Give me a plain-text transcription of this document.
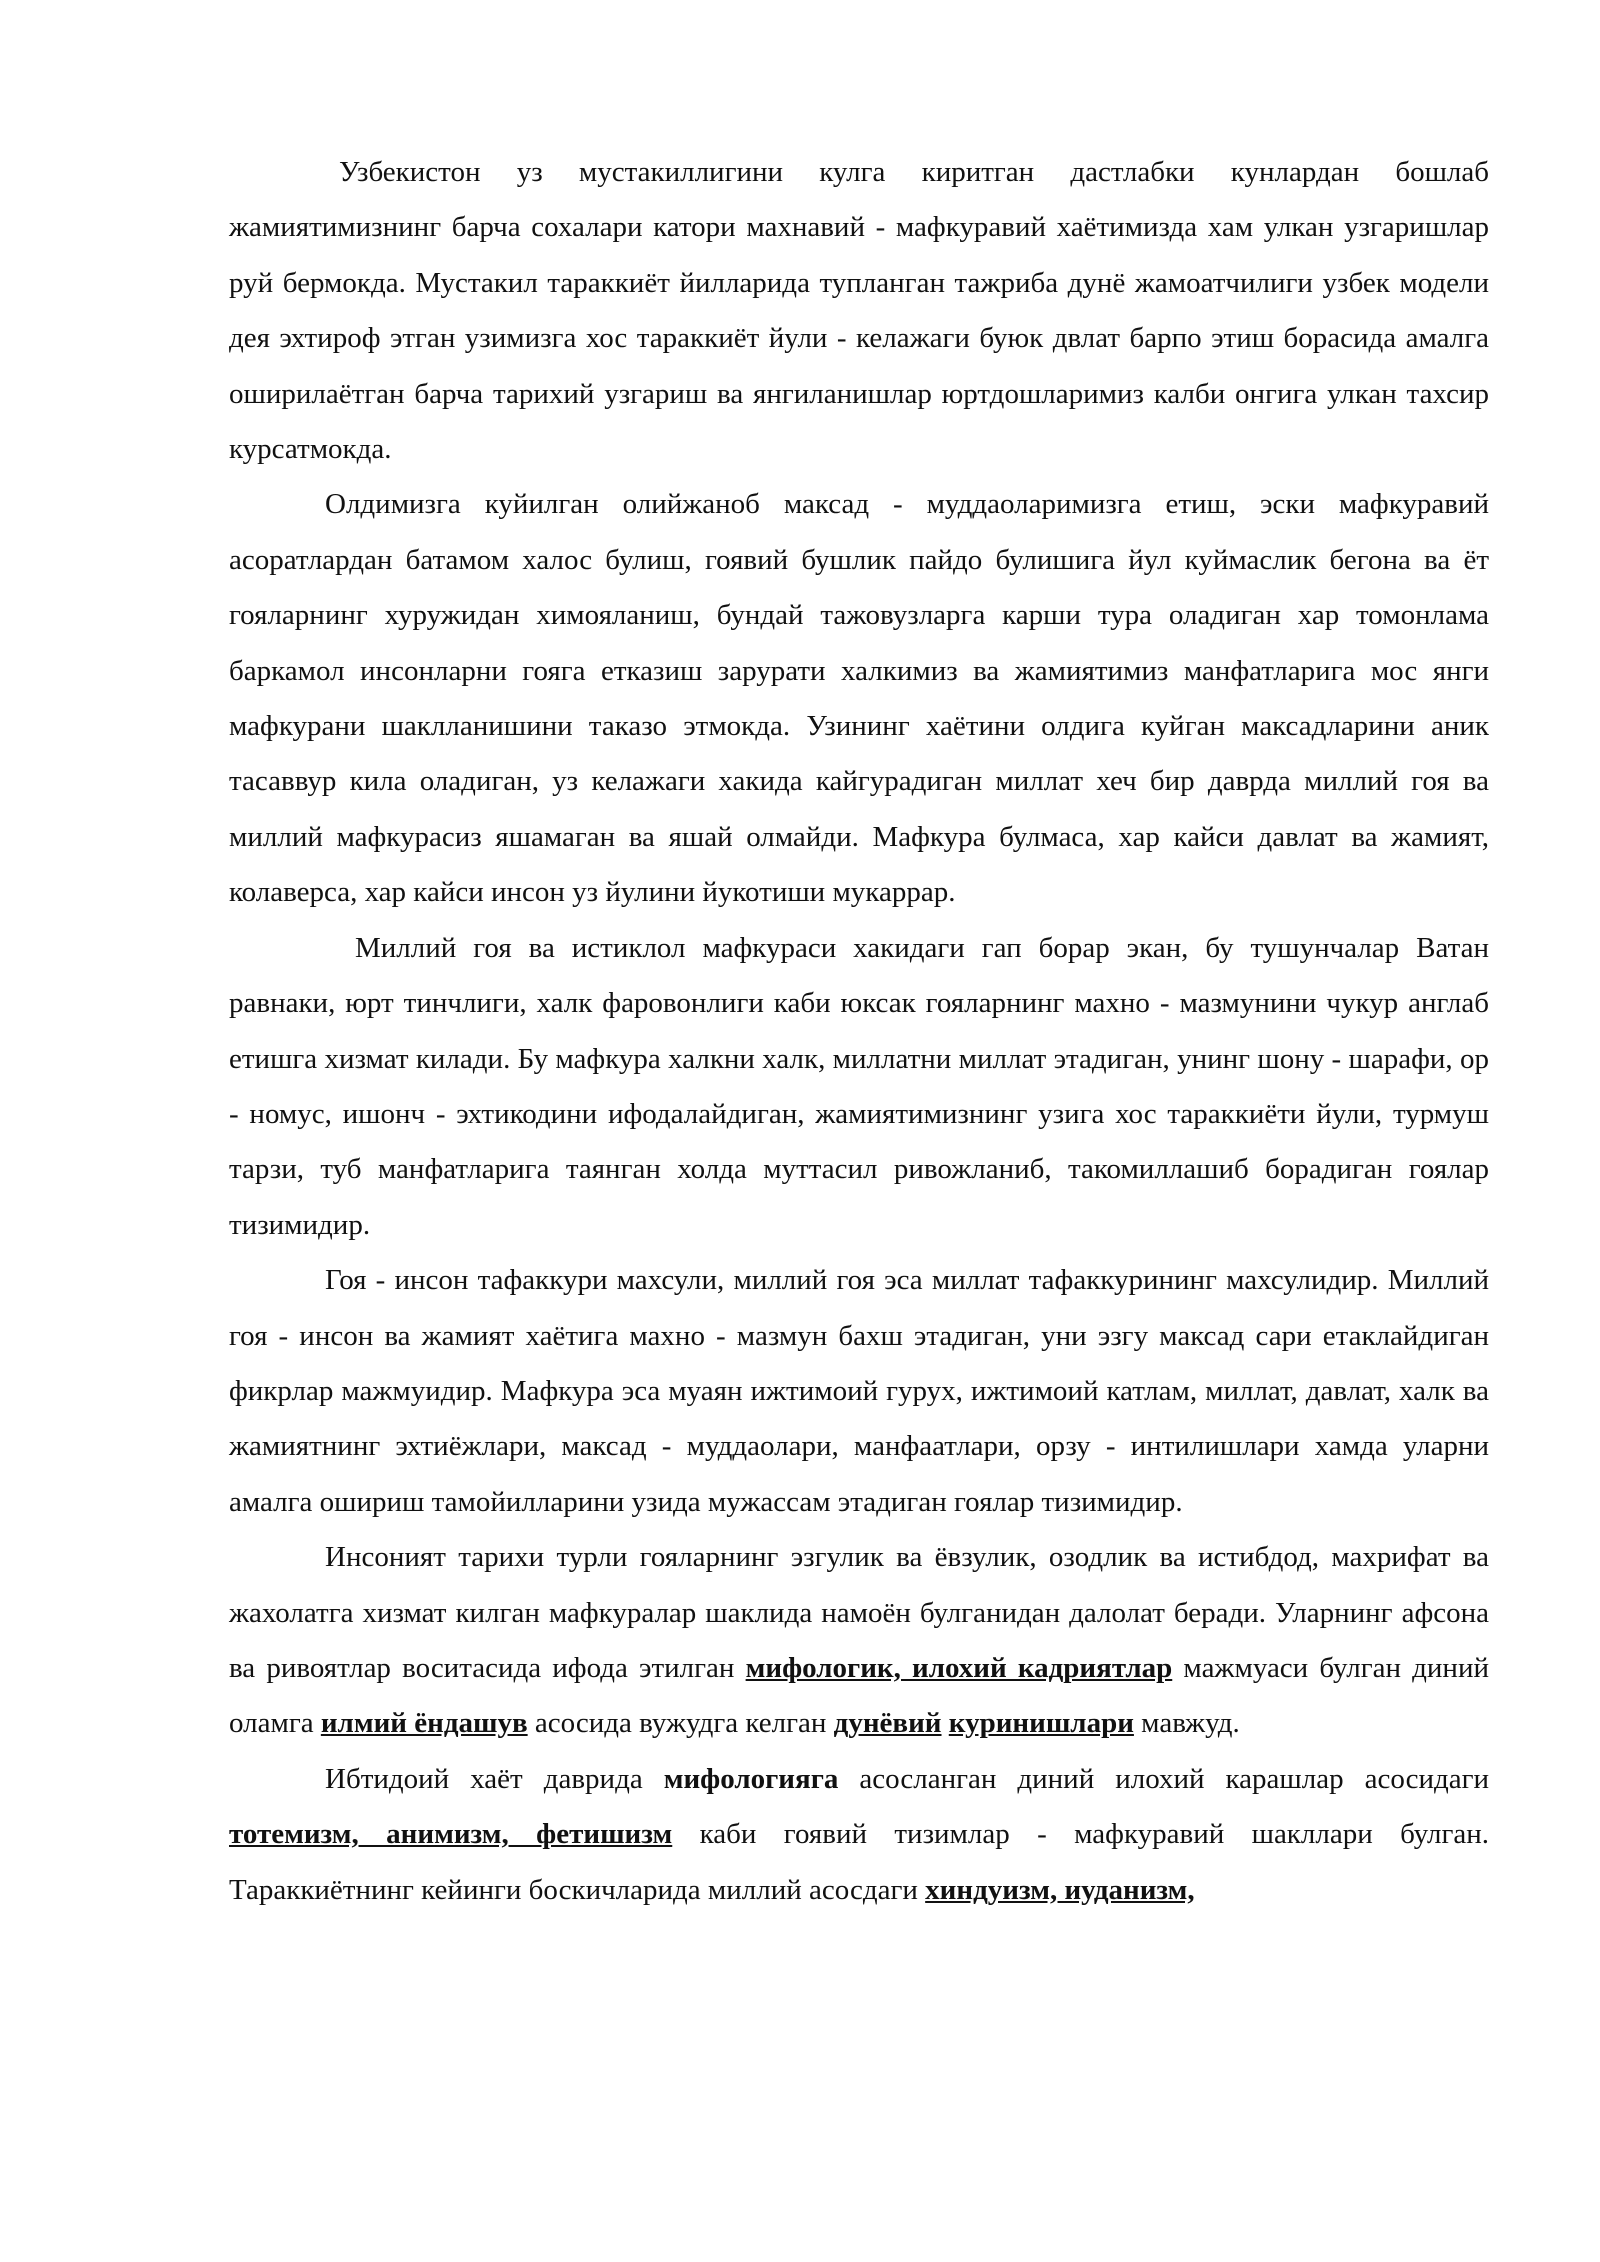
Узбекистон уз мустакиллигини кулга киритган дастлабки кунлардан бошлаб жамиятимизнинг барча сохалари катори махнавий - мафкуравий хаётимизда хам улкан узгаришлар руй бермокда. Мустакил тараккиёт йилларида тупланган тажриба дунё жамоатчилиги узбек модели дея эхтироф этган узимизга хос тараккиёт йули - келажаги буюк двлат барпо этиш борасида амалга оширилаётган барча тарихий узгариш ва янгиланишлар юртдошларимиз калби онгига улкан тахсир курсатмокда.

Олдимизга куйилган олийжаноб максад - муддаоларимизга етиш, эски мафкуравий асоратлардан батамом халос булиш, гоявий бушлик пайдо булишига йул куймаслик бегона ва ёт гояларнинг хуружидан химояланиш, бундай тажовузларга карши тура оладиган хар томонлама баркамол инсонларни гояга етказиш зарурати халкимиз ва жамиятимиз манфатларига мос янги мафкурани шаклланишини таказо этмокда. Узининг хаётини олдига куйган максадларини аник тасаввур кила оладиган, уз келажаги хакида кайгурадиган миллат хеч бир даврда миллий гоя ва миллий мафкурасиз яшамаган ва яшай олмайди. Мафкура булмаса, хар кайси давлат ва жамият, колаверса, хар кайси инсон уз йулини йукотиши мукаррар.

Миллий гоя ва истиклол мафкураси хакидаги гап борар экан, бу тушунчалар Ватан равнаки, юрт тинчлиги, халк фаровонлиги каби юксак гояларнинг махно - мазмунини чукур англаб етишга хизмат килади. Бу мафкура халкни халк, миллатни миллат этадиган, унинг шону - шарафи, ор - номус, ишонч - эхтикодини ифодалайдиган, жамиятимизнинг узига хос тараккиёти йули, турмуш тарзи, туб манфатларига таянган холда муттасил ривожланиб, такомиллашиб борадиган гоялар тизимидир.

Гоя - инсон тафаккури махсули, миллий гоя эса миллат тафаккурининг махсулидир. Миллий гоя - инсон ва жамият хаётига махно - мазмун бахш этадиган, уни эзгу максад сари етаклайдиган фикрлар мажмуидир. Мафкура эса муаян ижтимоий гурух, ижтимоий катлам, миллат, давлат, халк ва жамиятнинг эхтиёжлари, максад - муддаолари, манфаатлари, орзу - интилишлари хамда уларни амалга ошириш тамойилларини узида мужассам этадиган гоялар тизимидир.

Инсоният тарихи турли гояларнинг эзгулик ва ёвзулик, озодлик ва истибдод, махрифат ва жахолатга хизмат килган мафкуралар шаклида намоён булганидан далолат беради. Уларнинг афсона ва ривоятлар воситасида ифода этилган мифологик, илохий кадриятлар мажмуаси булган диний оламга илмий ёндашув асосида вужудга келган дунёвий куринишлари мавжуд.

Ибтидоий хаёт даврида мифологияга асосланган диний илохий карашлар асосидаги тотемизм, анимизм, фетишизм каби гоявий тизимлар - мафкуравий шакллари булган. Тараккиётнинг кейинги боскичларида миллий асосдаги хиндуизм, иуданизм,
